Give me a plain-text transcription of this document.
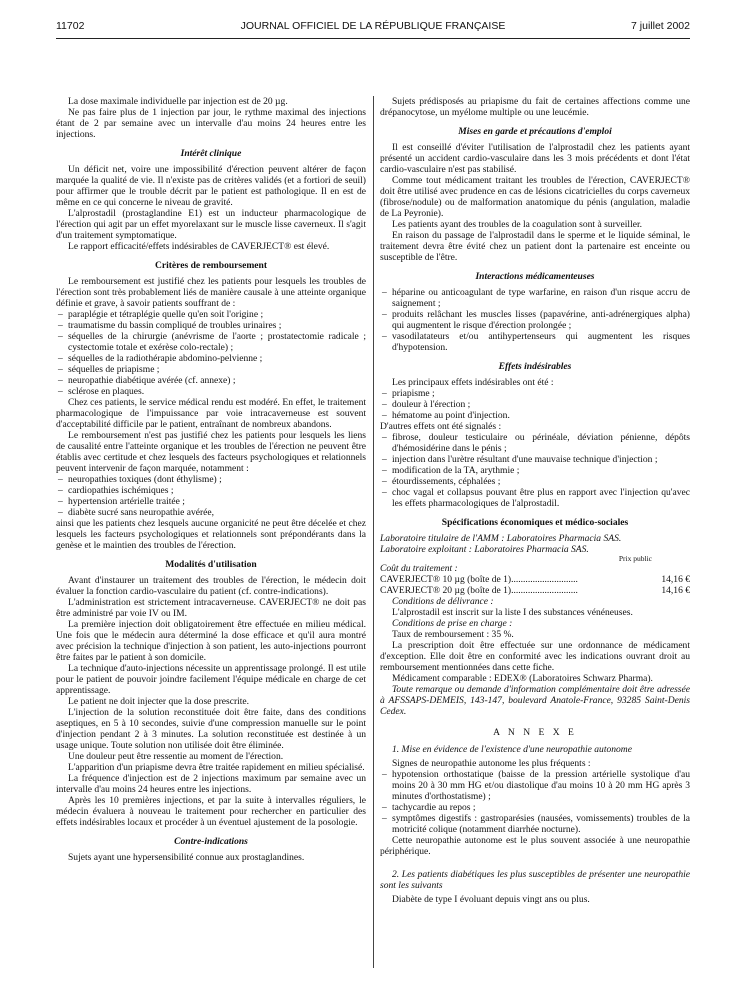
11702	JOURNAL OFFICIEL DE LA RÉPUBLIQUE FRANÇAISE	7 juillet 2002

La dose maximale individuelle par injection est de 20 µg.

Ne pas faire plus de 1 injection par jour, le rythme maximal des injections étant de 2 par semaine avec un intervalle d'au moins 24 heures entre les injections.

Intérêt clinique

Un déficit net, voire une impossibilité d'érection peuvent altérer de façon marquée la qualité de vie. Il n'existe pas de critères validés (et a fortiori de seuil) pour affirmer que le trouble décrit par le patient est pathologique. Il en est de même en ce qui concerne le niveau de gravité.

L'alprostadil (prostaglandine E1) est un inducteur pharmacologique de l'érection qui agit par un effet myorelaxant sur le muscle lisse caverneux. Il s'agit d'un traitement symptomatique.

Le rapport efficacité/effets indésirables de CAVERJECT® est élevé.

Critères de remboursement

Le remboursement est justifié chez les patients pour lesquels les troubles de l'érection sont très probablement liés de manière causale à une atteinte organique définie et grave, à savoir patients souffrant de :

– paraplégie et tétraplégie quelle qu'en soit l'origine ;
– traumatisme du bassin compliqué de troubles urinaires ;
– séquelles de la chirurgie (anévrisme de l'aorte ; prostatectomie radicale ; cystectomie totale et exérèse colo-rectale) ;
– séquelles de la radiothérapie abdomino-pelvienne ;
– séquelles de priapisme ;
– neuropathie diabétique avérée (cf. annexe) ;
– sclérose en plaques.

Chez ces patients, le service médical rendu est modéré. En effet, le traitement pharmacologique de l'impuissance par voie intracaverneuse est souvent d'acceptabilité difficile par le patient, entraînant de nombreux abandons.

Le remboursement n'est pas justifié chez les patients pour lesquels les liens de causalité entre l'atteinte organique et les troubles de l'érection ne peuvent être établis avec certitude et chez lesquels des facteurs psychologiques et relationnels peuvent intervenir de façon marquée, notamment :

– neuropathies toxiques (dont éthylisme) ;
– cardiopathies ischémiques ;
– hypertension artérielle traitée ;
– diabète sucré sans neuropathie avérée,

ainsi que les patients chez lesquels aucune organicité ne peut être décelée et chez lesquels les facteurs psychologiques et relationnels sont prépondérants dans la genèse et le maintien des troubles de l'érection.

Modalités d'utilisation

Avant d'instaurer un traitement des troubles de l'érection, le médecin doit évaluer la fonction cardio-vasculaire du patient (cf. contre-indications).

L'administration est strictement intracaverneuse. CAVERJECT® ne doit pas être administré par voie IV ou IM.

La première injection doit obligatoirement être effectuée en milieu médical. Une fois que le médecin aura déterminé la dose efficace et qu'il aura montré avec précision la technique d'injection à son patient, les auto-injections pourront être faites par le patient à son domicile.

La technique d'auto-injections nécessite un apprentissage prolongé. Il est utile pour le patient de pouvoir joindre facilement l'équipe médicale en charge de cet apprentissage.

Le patient ne doit injecter que la dose prescrite.

L'injection de la solution reconstituée doit être faite, dans des conditions aseptiques, en 5 à 10 secondes, suivie d'une compression manuelle sur le point d'injection pendant 2 à 3 minutes. La solution reconstituée est destinée à un usage unique. Toute solution non utilisée doit être éliminée.

Une douleur peut être ressentie au moment de l'érection.

L'apparition d'un priapisme devra être traitée rapidement en milieu spécialisé.

La fréquence d'injection est de 2 injections maximum par semaine avec un intervalle d'au moins 24 heures entre les injections.

Après les 10 premières injections, et par la suite à intervalles réguliers, le médecin évaluera à nouveau le traitement pour rechercher en particulier des effets indésirables locaux et procéder à un éventuel ajustement de la posologie.

Contre-indications

Sujets ayant une hypersensibilité connue aux prostaglandines.

Sujets prédisposés au priapisme du fait de certaines affections comme une drépanocytose, un myélome multiple ou une leucémie.

Mises en garde et précautions d'emploi

Il est conseillé d'éviter l'utilisation de l'alprostadil chez les patients ayant présenté un accident cardio-vasculaire dans les 3 mois précédents et dont l'état cardio-vasculaire n'est pas stabilisé.

Comme tout médicament traitant les troubles de l'érection, CAVERJECT® doit être utilisé avec prudence en cas de lésions cicatricielles du corps caverneux (fibrose/nodule) ou de malformation anatomique du pénis (angulation, maladie de La Peyronie).

Les patients ayant des troubles de la coagulation sont à surveiller.

En raison du passage de l'alprostadil dans le sperme et le liquide séminal, le traitement devra être évité chez un patient dont la partenaire est enceinte ou susceptible de l'être.

Interactions médicamenteuses
– héparine ou anticoagulant de type warfarine, en raison d'un risque accru de saignement ;
– produits relâchant les muscles lisses (papavérine, anti-adrénergiques alpha) qui augmentent le risque d'érection prolongée ;
– vasodilatateurs et/ou antihypertenseurs qui augmentent les risques d'hypotension.
Effets indésirables

Les principaux effets indésirables ont été :

– priapisme ;
– douleur à l'érection ;
– hématome au point d'injection.

D'autres effets ont été signalés :

– fibrose, douleur testiculaire ou périnéale, déviation pénienne, dépôts d'hémosidérine dans le pénis ;
– injection dans l'urètre résultant d'une mauvaise technique d'injection ;
– modification de la TA, arythmie ;
– étourdissements, céphalées ;
– choc vagal et collapsus pouvant être plus en rapport avec l'injection qu'avec les effets pharmacologiques de l'alprostadil.
Spécifications économiques et médico-sociales

Laboratoire titulaire de l'AMM : Laboratoires Pharmacia SAS.

Laboratoire exploitant : Laboratoires Pharmacia SAS.

Prix public

Coût du traitement :

CAVERJECT® 10 µg (boîte de 1)............................	14,16 €
CAVERJECT® 20 µg (boîte de 1)............................	14,16 €

Conditions de délivrance :

L'alprostadil est inscrit sur la liste I des substances vénéneuses.

Conditions de prise en charge :

Taux de remboursement : 35 %.

La prescription doit être effectuée sur une ordonnance de médicament d'exception. Elle doit être en conformité avec les indications ouvrant droit au remboursement mentionnées dans cette fiche.

Médicament comparable : EDEX® (Laboratoires Schwarz Pharma).

Toute remarque ou demande d'information complémentaire doit être adressée à AFSSAPS-DEMEIS, 143-147, boulevard Anatole-France, 93285 Saint-Denis Cedex.

A N N E X E

1. Mise en évidence de l'existence d'une neuropathie autonome

Signes de neuropathie autonome les plus fréquents :

– hypotension orthostatique (baisse de la pression artérielle systolique d'au moins 20 à 30 mm HG et/ou diastolique d'au moins 10 à 20 mm HG après 3 minutes d'orthostatisme) ;
– tachycardie au repos ;
– symptômes digestifs : gastroparésies (nausées, vomissements) troubles de la motricité colique (notamment diarrhée nocturne).

Cette neuropathie autonome est le plus souvent associée à une neuropathie périphérique.

2. Les patients diabétiques les plus susceptibles de présenter une neuropathie sont les suivants

Diabète de type I évoluant depuis vingt ans ou plus.
